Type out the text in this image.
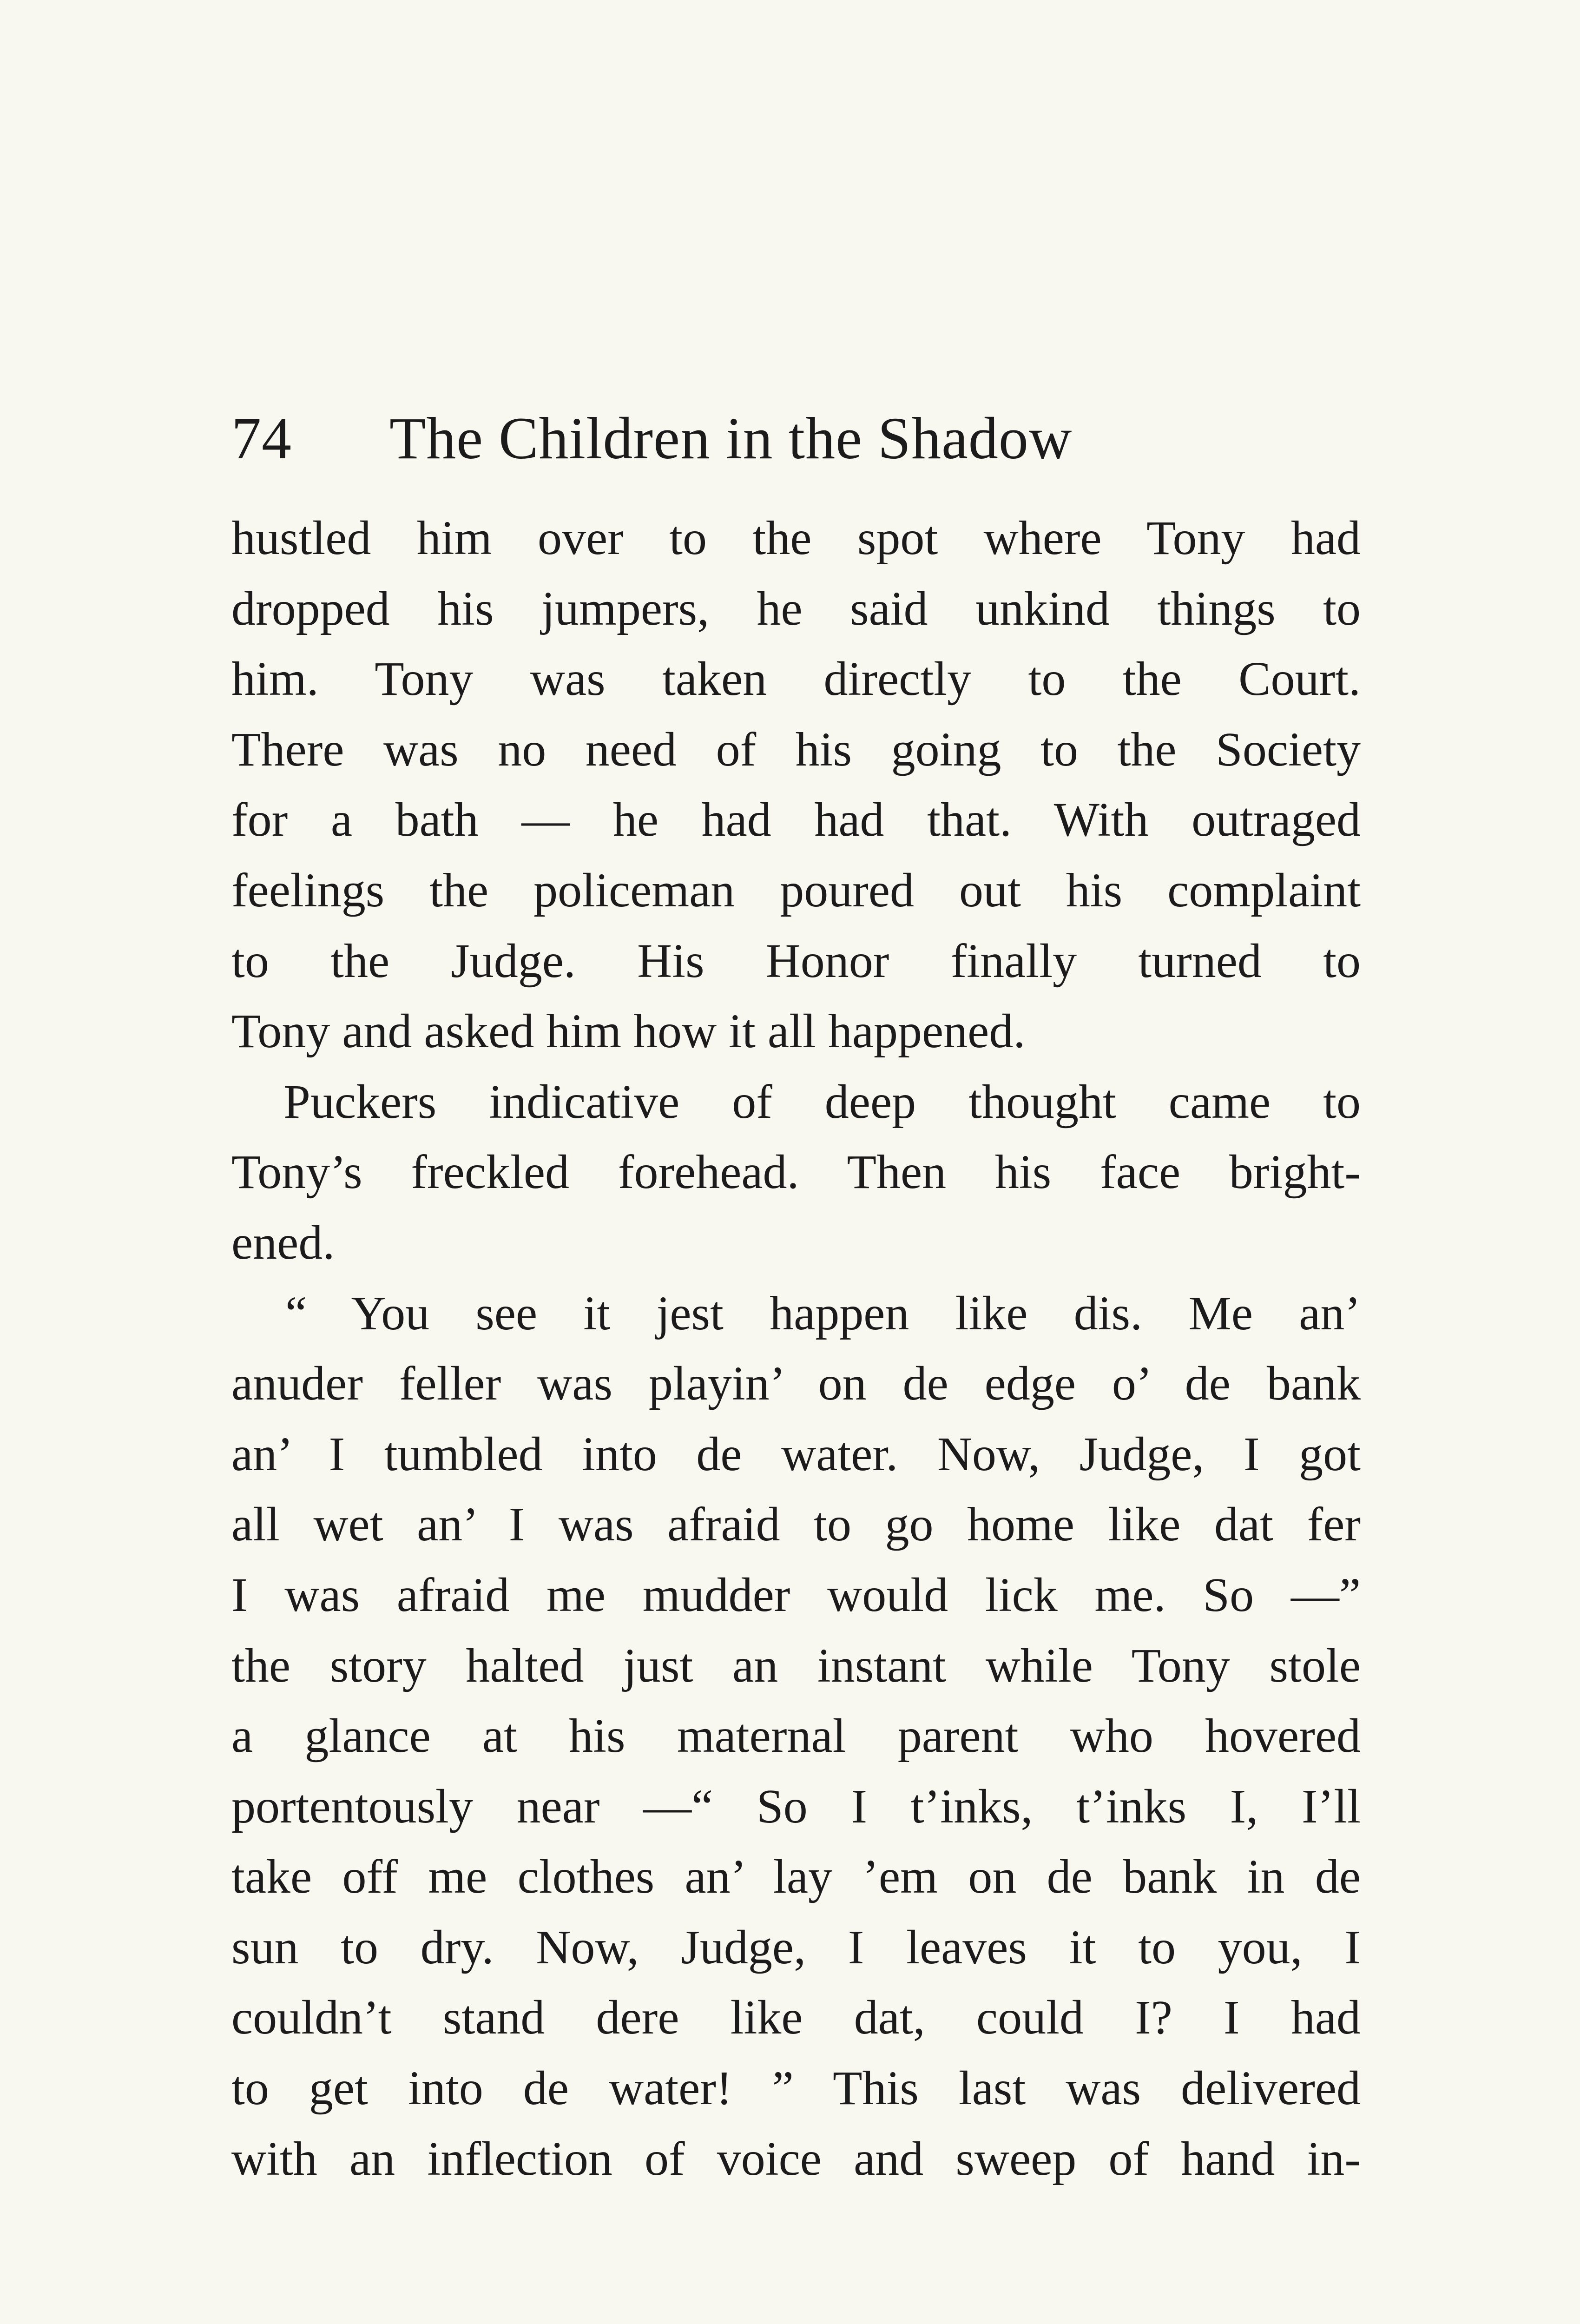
74 The Children in the Shadow
hustled him over to the spot where Tony had
dropped his jumpers, he said unkind things to
him. Tony was taken directly to the Court.
There was no need of his going to the Society
for a bath — he had had that. With outraged
feelings the policeman poured out his complaint
to the Judge. His Honor finally turned to
Tony and asked him how it all happened.
Puckers indicative of deep thought came to
Tony’s freckled forehead. Then his face bright-
ened.
“ You see it jest happen like dis. Me an’
anuder feller was playin’ on de edge o’ de bank
an’ I tumbled into de water. Now, Judge, I got
all wet an’ I was afraid to go home like dat fer
I was afraid me mudder would lick me. So —”
the story halted just an instant while Tony stole
a glance at his maternal parent who hovered
portentously near —“ So I t’inks, t’inks I, I’ll
take off me clothes an’ lay ’em on de bank in de
sun to dry. Now, Judge, I leaves it to you, I
couldn’t stand dere like dat, could I? I had
to get into de water! ” This last was delivered
with an inflection of voice and sweep of hand in-
